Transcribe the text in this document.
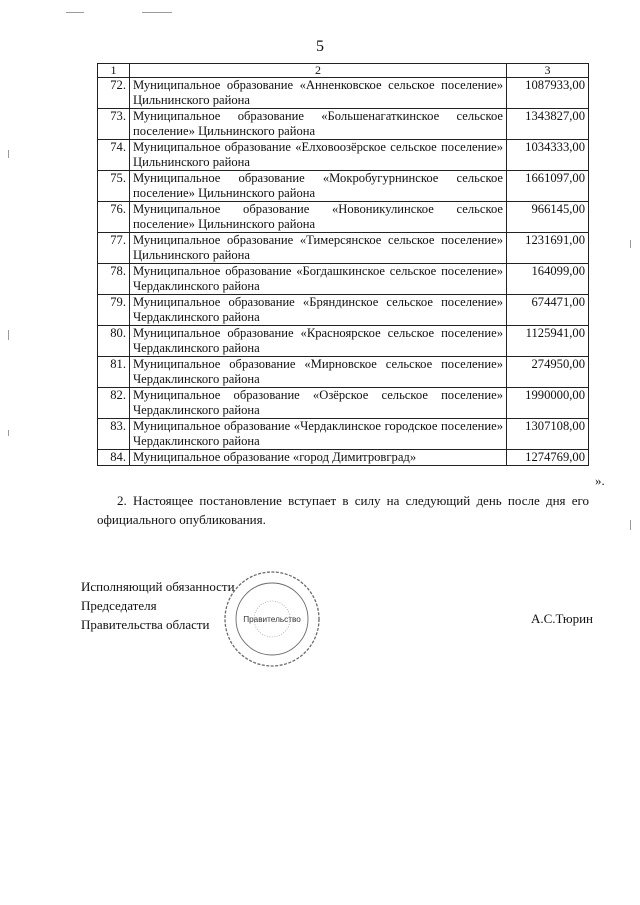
5
1	2	3
72.	Муниципальное образование «Анненковское сельское поселение» Цильнинского района	1087933,00
73.	Муниципальное образование «Большенагаткинское сельское поселение» Цильнинского района	1343827,00
74.	Муниципальное образование «Елховоозёрское сельское поселение» Цильнинского района	1034333,00
75.	Муниципальное образование «Мокробугурнинское сельское поселение» Цильнинского района	1661097,00
76.	Муниципальное образование «Новоникулинское сельское поселение» Цильнинского района	966145,00
77.	Муниципальное образование «Тимерсянское сельское поселение» Цильнинского района	1231691,00
78.	Муниципальное образование «Богдашкинское сельское поселение» Чердаклинского района	164099,00
79.	Муниципальное образование «Бряндинское сельское поселение» Чердаклинского района	674471,00
80.	Муниципальное образование «Красноярское сельское поселение» Чердаклинского района	1125941,00
81.	Муниципальное образование «Мирновское сельское поселение» Чердаклинского района	274950,00
82.	Муниципальное образование «Озёрское сельское поселение» Чердаклинского района	1990000,00
83.	Муниципальное образование «Чердаклинское городское поселение» Чердаклинского района	1307108,00
84.	Муниципальное образование «город Димитровград»	1274769,00
».
2. Настоящее постановление вступает в силу на следующий день после дня его официального опубликования.
Исполняющий обязанности
Председателя
Правительства области	А.С.Тюрин
Правительство
